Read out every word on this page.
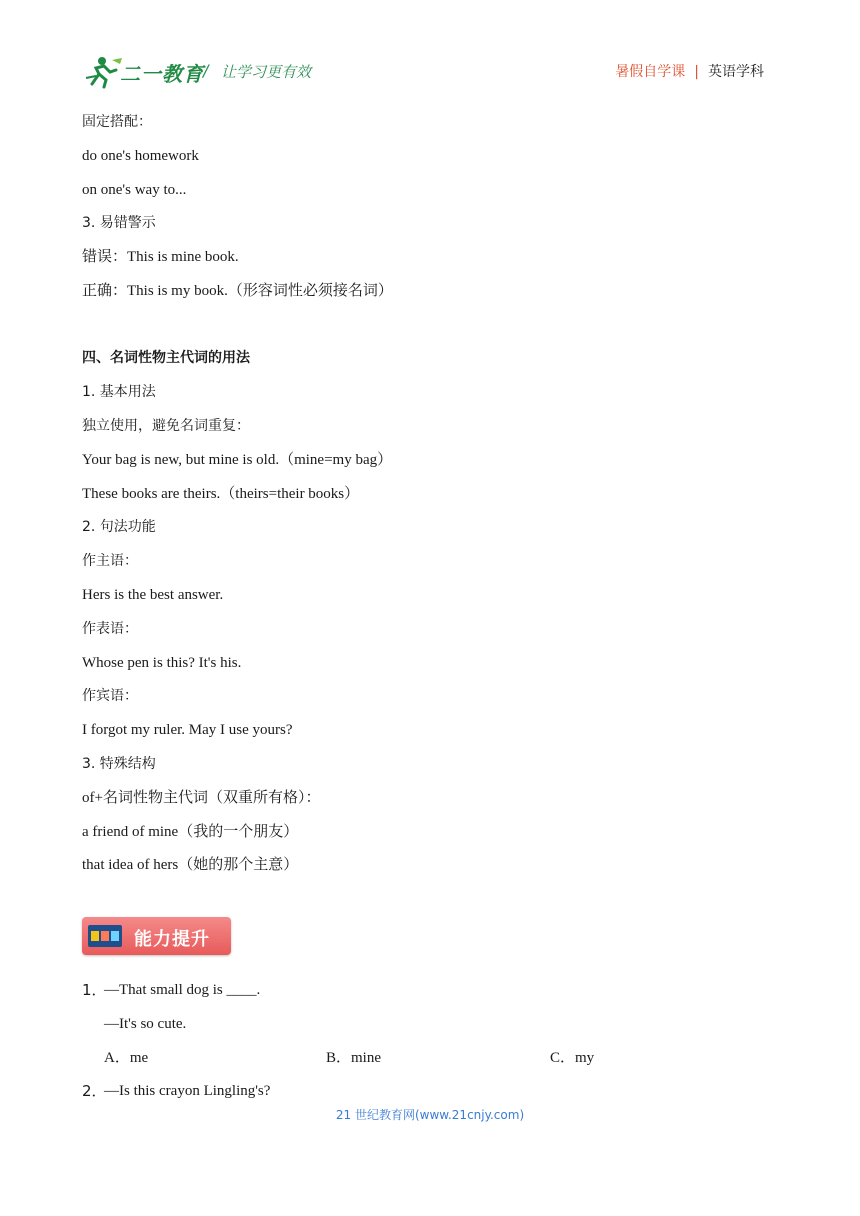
二一教育 / 让学习更有效	暑假自学课 | 英语学科
固定搭配：
do one's homework
on one's way to...
3. 易错警示
错误：This is mine book.
正确：This is my book.（形容词性必须接名词）
四、名词性物主代词的用法
1. 基本用法
独立使用，避免名词重复：
Your bag is new, but mine is old.（mine=my bag）
These books are theirs.（theirs=their books）
2. 句法功能
作主语：
Hers is the best answer.
作表语：
Whose pen is this? It's his.
作宾语：
I forgot my ruler. May I use yours?
3. 特殊结构
of+名词性物主代词（双重所有格）：
a friend of mine（我的一个朋友）
that idea of hers（她的那个主意）
能力提升
1．
—That small dog is ____.
—It's so cute.
A．me	B．mine	C．my
2．
—Is this crayon Lingling's?
21 世纪教育网(www.21cnjy.com)
